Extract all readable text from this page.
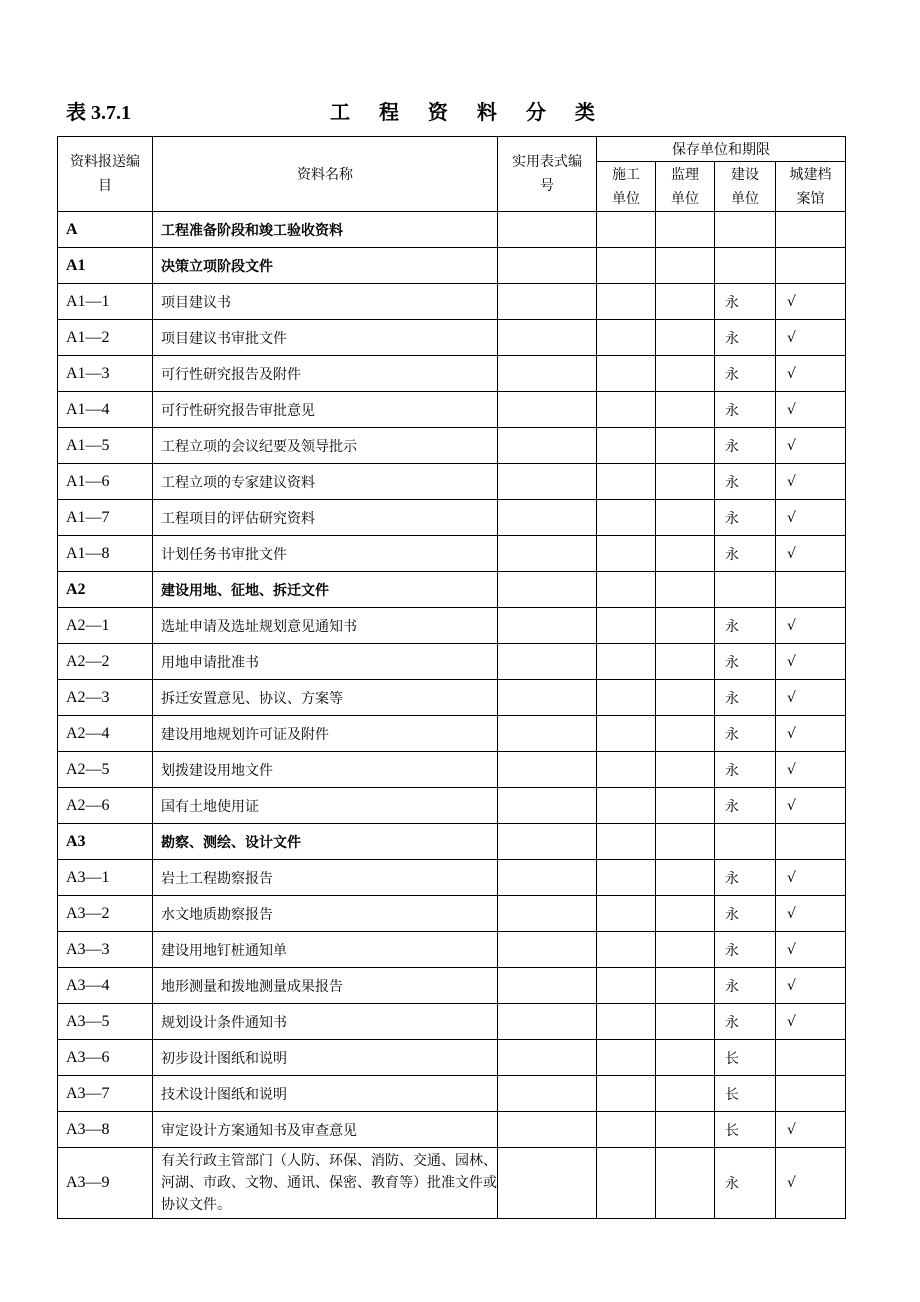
表 3.7.1	工 程 资 料 分 类
资料报送编目	资料名称	实用表式编号	保存单位和期限			
			施工单位	监理单位	建设单位	城建档案馆
A	工程准备阶段和竣工验收资料					
A1	决策立项阶段文件					
A1—1	项目建议书				永	√
A1—2	项目建议书审批文件				永	√
A1—3	可行性研究报告及附件				永	√
A1—4	可行性研究报告审批意见				永	√
A1—5	工程立项的会议纪要及领导批示				永	√
A1—6	工程立项的专家建议资料				永	√
A1—7	工程项目的评估研究资料				永	√
A1—8	计划任务书审批文件				永	√
A2	建设用地、征地、拆迁文件					
A2—1	选址申请及选址规划意见通知书				永	√
A2—2	用地申请批准书				永	√
A2—3	拆迁安置意见、协议、方案等				永	√
A2—4	建设用地规划许可证及附件				永	√
A2—5	划拨建设用地文件				永	√
A2—6	国有土地使用证				永	√
A3	勘察、测绘、设计文件					
A3—1	岩土工程勘察报告				永	√
A3—2	水文地质勘察报告				永	√
A3—3	建设用地钉桩通知单				永	√
A3—4	地形测量和拨地测量成果报告				永	√
A3—5	规划设计条件通知书				永	√
A3—6	初步设计图纸和说明				长	
A3—7	技术设计图纸和说明				长	
A3—8	审定设计方案通知书及审查意见				长	√
A3—9	有关行政主管部门（人防、环保、消防、交通、园林、河湖、市政、文物、通讯、保密、教育等）批准文件或协议文件。				永	√
